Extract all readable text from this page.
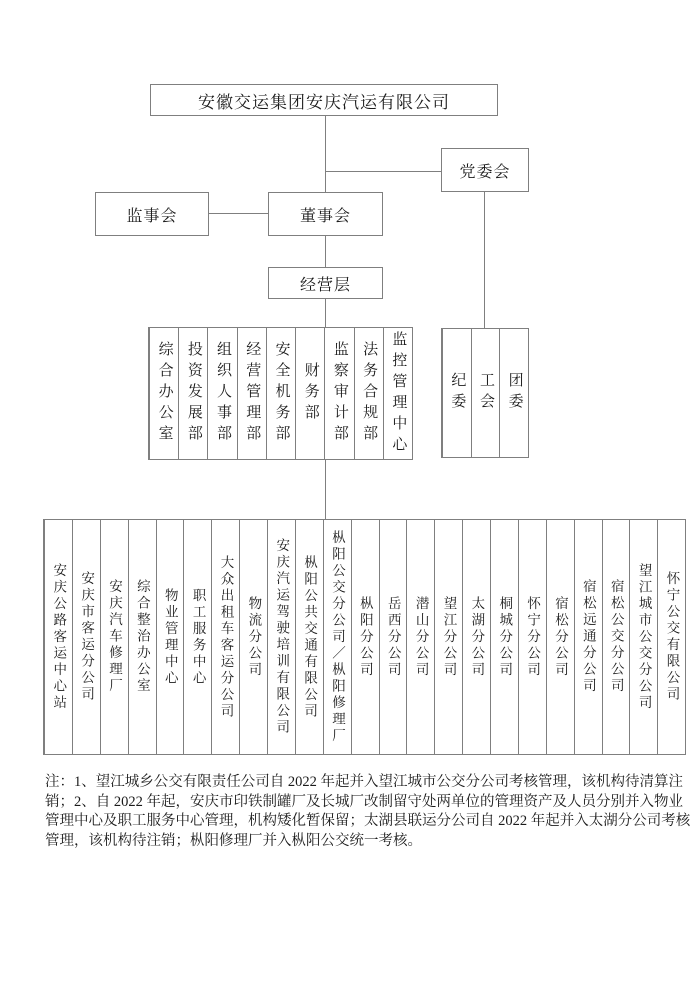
安徽交运集团安庆汽运有限公司
党委会
监事会	董事会
经营层
综合办公室 投资发展部 组织人事部 经营管理部 安全机务部 财务部 监察审计部 法务合规部 监控管理中心	纪委 工会 团委
安庆公路客运中心站 安庆市客运分公司 安庆汽车修理厂 综合整治办公室 物业管理中心 职工服务中心 大众出租车客运分公司 物流分公司 安庆汽运驾驶培训有限公司 枞阳公共交通有限公司 枞阳公交分公司／枞阳修理厂 枞阳分公司 岳西分公司 潜山分公司 望江分公司 太湖分公司 桐城分公司 怀宁分公司 宿松分公司 宿松远通分公司 宿松公交分公司 望江城市公交分公司 怀宁公交有限公司
注：1、望江城乡公交有限责任公司自 2022 年起并入望江城市公交分公司考核管理，该机构待清算注
销；2、自 2022 年起，安庆市印铁制罐厂及长城厂改制留守处两单位的管理资产及人员分别并入物业
管理中心及职工服务中心管理，机构矮化暂保留；太湖县联运分公司自 2022 年起并入太湖分公司考核
管理，该机构待注销；枞阳修理厂并入枞阳公交统一考核。
